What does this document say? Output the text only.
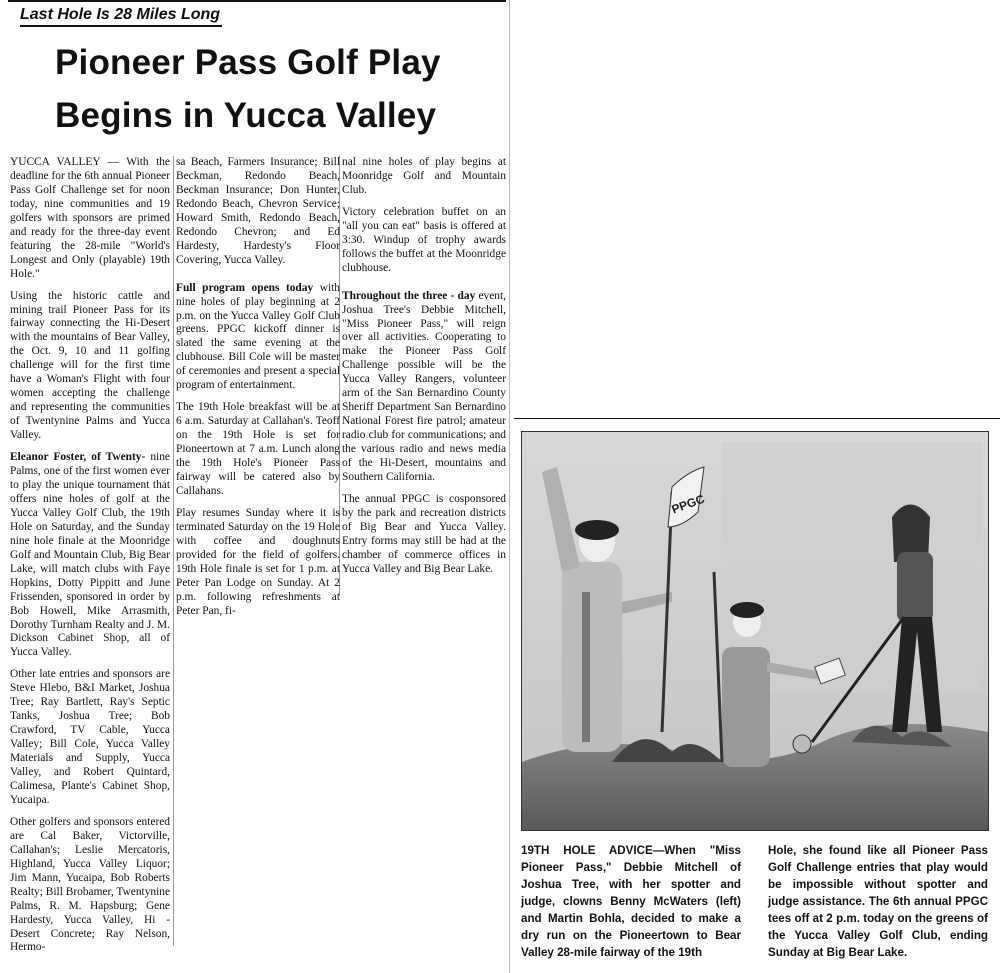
Last Hole Is 28 Miles Long
Pioneer Pass Golf Play Begins in Yucca Valley

YUCCA VALLEY — With the deadline for the 6th annual Pioneer Pass Golf Challenge set for noon today, nine communities and 19 golfers with sponsors are primed and ready for the three-day event featuring the 28-mile "World's Longest and Only (playable) 19th Hole."

Using the historic cattle and mining trail Pioneer Pass for its fairway connecting the Hi-Desert with the mountains of Bear Valley, the Oct. 9, 10 and 11 golfing challenge will for the first time have a Woman's Flight with four women accepting the challenge and representing the communities of Twentynine Palms and Yucca Valley.

Eleanor Foster, of Twenty- nine Palms, one of the first women ever to play the unique tournament that offers nine holes of golf at the Yucca Valley Golf Club, the 19th Hole on Saturday, and the Sunday nine hole finale at the Moonridge Golf and Mountain Club, Big Bear Lake, will match clubs with Faye Hopkins, Dotty Pippitt and June Frissenden, sponsored in order by Bob Howell, Mike Arrasmith, Dorothy Turnham Realty and J. M. Dickson Cabinet Shop, all of Yucca Valley.

Other late entries and sponsors are Steve Hlebo, B&I Market, Joshua Tree; Ray Bartlett, Ray's Septic Tanks, Joshua Tree; Bob Crawford, TV Cable, Yucca Valley; Bill Cole, Yucca Valley Materials and Supply, Yucca Valley, and Robert Quintard, Calimesa, Plante's Cabinet Shop, Yucaipa.

Other golfers and sponsors entered are Cal Baker, Victorville, Callahan's; Leslie Mercatoris, Highland, Yucca Valley Liquor; Jim Mann, Yucaipa, Bob Roberts Realty; Bill Brobamer, Twentynine Palms, R. M. Hapsburg; Gene Hardesty, Yucca Valley, Hi - Desert Concrete; Ray Nelson, Hermo-

sa Beach, Farmers Insurance; Bill Beckman, Redondo Beach, Beckman Insurance; Don Hunter, Redondo Beach, Chevron Service; Howard Smith, Redondo Beach, Redondo Chevron; and Ed Hardesty, Hardesty's Floor Covering, Yucca Valley.

Full program opens today with nine holes of play beginning at 2 p.m. on the Yucca Valley Golf Club greens. PPGC kickoff dinner is slated the same evening at the clubhouse. Bill Cole will be master of ceremonies and present a special program of entertainment.

The 19th Hole breakfast will be at 6 a.m. Saturday at Callahan's. Teoff on the 19th Hole is set for Pioneertown at 7 a.m. Lunch along the 19th Hole's Pioneer Pass fairway will be catered also by Callahans.

Play resumes Sunday where it is terminated Saturday on the 19 Hole with coffee and doughnuts provided for the field of golfers. 19th Hole finale is set for 1 p.m. at Peter Pan Lodge on Sunday. At 2 p.m. following refreshments at Peter Pan, fi-

nal nine holes of play begins at Moonridge Golf and Mountain Club.

Victory celebration buffet on an "all you can eat" basis is offered at 3:30. Windup of trophy awards follows the buffet at the Moonridge clubhouse.

Throughout the three - day event, Joshua Tree's Debbie Mitchell, "Miss Pioneer Pass," will reign over all activities. Cooperating to make the Pioneer Pass Golf Challenge possible will be the Yucca Valley Rangers, volunteer arm of the San Bernardino County Sheriff Department San Bernardino National Forest fire patrol; amateur radio club for communications; and the various radio and news media of the Hi-Desert, mountains and Southern California.

The annual PPGC is cosponsored by the park and recreation districts of Big Bear and Yucca Valley. Entry forms may still be had at the chamber of commerce offices in Yucca Valley and Big Bear Lake.

PPGC
19TH HOLE ADVICE—When "Miss Pioneer Pass," Debbie Mitchell of Joshua Tree, with her spotter and judge, clowns Benny McWaters (left) and Martin Bohla, decided to make a dry run on the Pioneertown to Bear Valley 28-mile fairway of the 19th
Hole, she found like all Pioneer Pass Golf Challenge entries that play would be impossible without spotter and judge assistance. The 6th annual PPGC tees off at 2 p.m. today on the greens of the Yucca Valley Golf Club, ending Sunday at Big Bear Lake.
